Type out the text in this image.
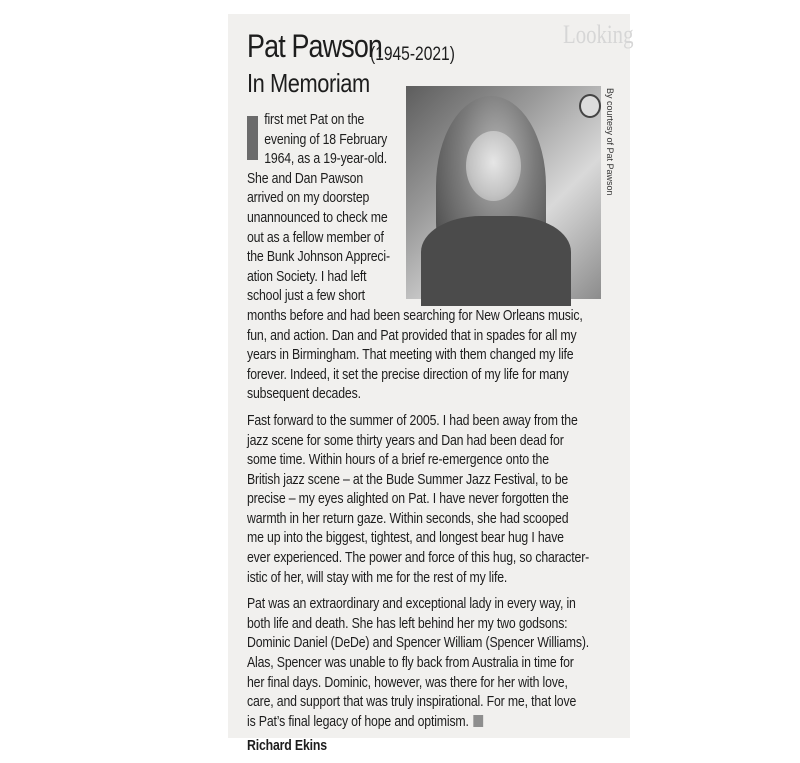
Looking
Pat Pawson
(1945-2021)
In Memoriam
By courtesy of Pat Pawson
first met Pat on the
evening of 18 February
1964, as a 19-year-old.
She and Dan Pawson
arrived on my doorstep
unannounced to check me
out as a fellow member of
the Bunk Johnson Appreci-
ation Society. I had left
school just a few short
months before and had been searching for New Orleans music,
fun, and action. Dan and Pat provided that in spades for all my
years in Birmingham. That meeting with them changed my life
forever. Indeed, it set the precise direction of my life for many
subsequent decades.
Fast forward to the summer of 2005. I had been away from the
jazz scene for some thirty years and Dan had been dead for
some time. Within hours of a brief re-emergence onto the
British jazz scene – at the Bude Summer Jazz Festival, to be
precise – my eyes alighted on Pat. I have never forgotten the
warmth in her return gaze. Within seconds, she had scooped
me up into the biggest, tightest, and longest bear hug I have
ever experienced. The power and force of this hug, so character-
istic of her, will stay with me for the rest of my life.
Pat was an extraordinary and exceptional lady in every way, in
both life and death. She has left behind her my two godsons:
Dominic Daniel (DeDe) and Spencer William (Spencer Williams).
Alas, Spencer was unable to fly back from Australia in time for
her final days. Dominic, however, was there for her with love,
care, and support that was truly inspirational. For me, that love
is Pat’s final legacy of hope and optimism.
Richard Ekins
